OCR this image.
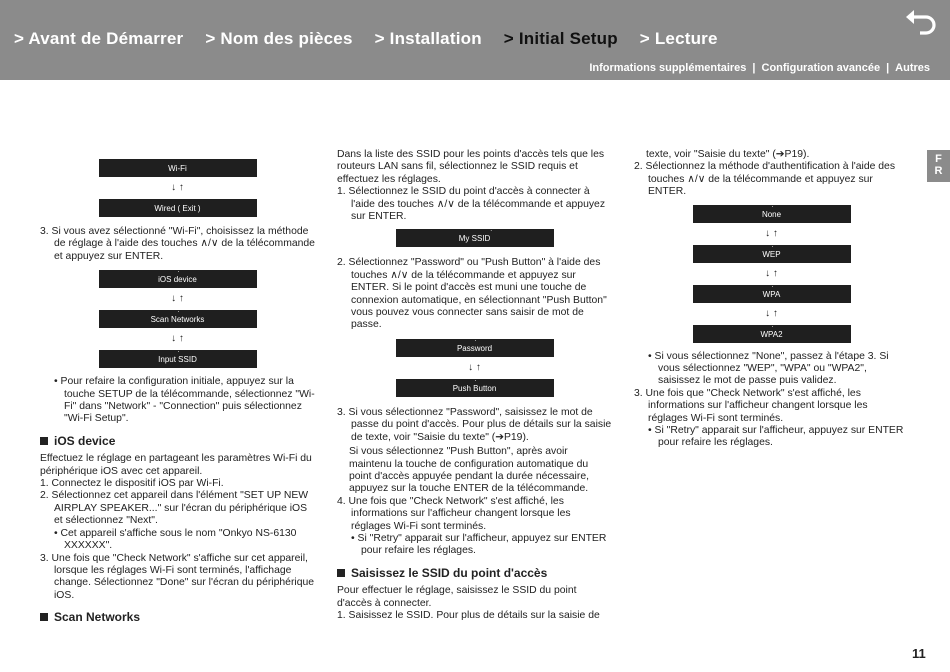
> Avant de Démarrer > Nom des pièces > Installation > Initial Setup > Lecture
Informations supplémentaires | Configuration avancée | Autres
F
R
Wi-Fi
↓ ↑
Wired ( Exit )

3. Si vous avez sélectionné "Wi-Fi", choisissez la méthode de réglage à l'aide des touches ∧/∨ de la télécommande et appuyez sur ENTER.

:
iOS device
↓ ↑
:
Scan Networks
↓ ↑
:
Input SSID

• Pour refaire la configuration initiale, appuyez sur la touche SETUP de la télécommande, sélectionnez "Wi-Fi" dans "Network" - "Connection" puis sélectionnez "Wi-Fi Setup".

iOS device

Effectuez le réglage en partageant les paramètres Wi-Fi du périphérique iOS avec cet appareil.

1. Connectez le dispositif iOS par Wi-Fi.

2. Sélectionnez cet appareil dans l'élément "SET UP NEW AIRPLAY SPEAKER..." sur l'écran du périphérique iOS et sélectionnez "Next".

• Cet appareil s'affiche sous le nom "Onkyo NS-6130 XXXXXX".

3. Une fois que "Check Network" s'affiche sur cet appareil, lorsque les réglages Wi-Fi sont terminés, l'affichage change. Sélectionnez "Done" sur l'écran du périphérique iOS.

Scan Networks

Dans la liste des SSID pour les points d'accès tels que les routeurs LAN sans fil, sélectionnez le SSID requis et effectuez les réglages.

1. Sélectionnez le SSID du point d'accès à connecter à l'aide des touches ∧/∨ de la télécommande et appuyez sur ENTER.

:
My SSID

2. Sélectionnez "Password" ou "Push Button" à l'aide des touches ∧/∨ de la télécommande et appuyez sur ENTER. Si le point d'accès est muni une touche de connexion automatique, en sélectionnant "Push Button" vous pouvez vous connecter sans saisir de mot de passe.

:
Password
↓ ↑
:
Push Button

3. Si vous sélectionnez "Password", saisissez le mot de passe du point d'accès. Pour plus de détails sur la saisie de texte, voir "Saisie du texte" (➔P19).

Si vous sélectionnez "Push Button", après avoir maintenu la touche de configuration automatique du point d'accès appuyée pendant la durée nécessaire, appuyez sur la touche ENTER de la télécommande.

4. Une fois que "Check Network" s'est affiché, les informations sur l'afficheur changent lorsque les réglages Wi-Fi sont terminés.

• Si "Retry" apparait sur l'afficheur, appuyez sur ENTER pour refaire les réglages.

Saisissez le SSID du point d'accès

Pour effectuer le réglage, saisissez le SSID du point d'accès à connecter.

1. Saisissez le SSID. Pour plus de détails sur la saisie de

texte, voir "Saisie du texte" (➔P19).

2. Sélectionnez la méthode d'authentification à l'aide des touches ∧/∨ de la télécommande et appuyez sur ENTER.

:
None
↓ ↑
:
WEP
↓ ↑
:
WPA
↓ ↑
:
WPA2

• Si vous sélectionnez "None", passez à l'étape 3. Si vous sélectionnez "WEP", "WPA" ou "WPA2", saisissez le mot de passe puis validez.

3. Une fois que "Check Network" s'est affiché, les informations sur l'afficheur changent lorsque les réglages Wi-Fi sont terminés.

• Si "Retry" apparait sur l'afficheur, appuyez sur ENTER pour refaire les réglages.

11
